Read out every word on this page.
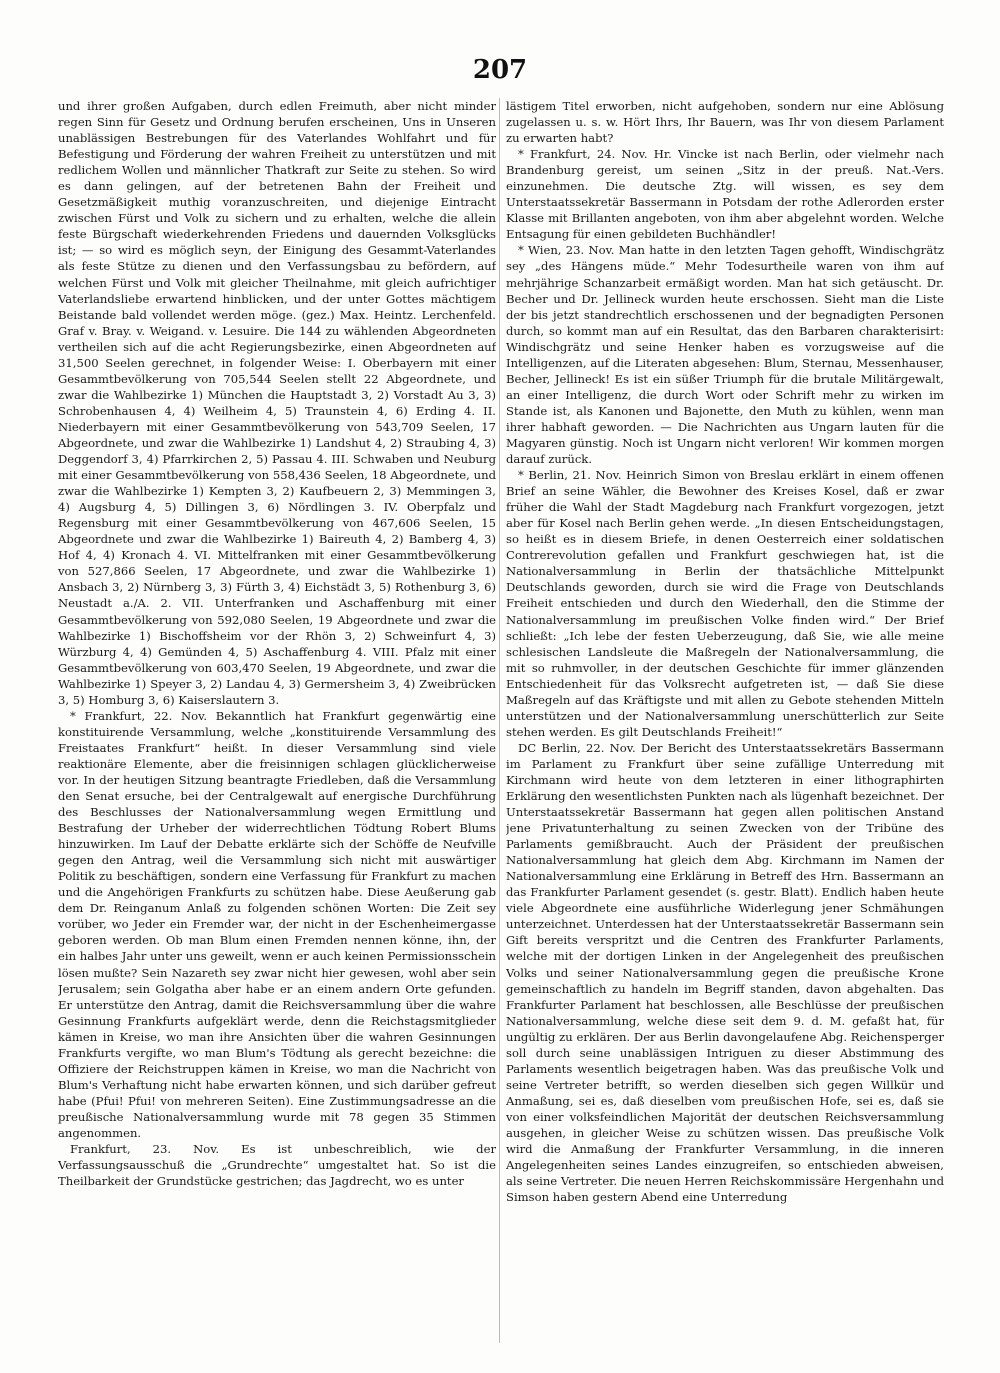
207

und ihrer großen Aufgaben, durch edlen Freimuth, aber nicht minder regen Sinn für Gesetz und Ordnung berufen erscheinen, Uns in Unseren unablässigen Bestrebungen für des Vaterlandes Wohlfahrt und für Befestigung und Förderung der wahren Freiheit zu unterstützen und mit redlichem Wollen und männlicher Thatkraft zur Seite zu stehen. So wird es dann gelingen, auf der betretenen Bahn der Freiheit und Gesetzmäßigkeit muthig voranzuschreiten, und diejenige Eintracht zwischen Fürst und Volk zu sichern und zu erhalten, welche die allein feste Bürgschaft wiederkehrenden Friedens und dauernden Volksglücks ist; — so wird es möglich seyn, der Einigung des Gesammt-Vaterlandes als feste Stütze zu dienen und den Verfassungsbau zu befördern, auf welchen Fürst und Volk mit gleicher Theilnahme, mit gleich aufrichtiger Vaterlandsliebe erwartend hinblicken, und der unter Gottes mächtigem Beistande bald vollendet werden möge. (gez.) Max. Heintz. Lerchenfeld. Graf v. Bray. v. Weigand. v. Lesuire. Die 144 zu wählenden Abgeordneten vertheilen sich auf die acht Regierungsbezirke, einen Abgeordneten auf 31,500 Seelen gerechnet, in folgender Weise: I. Oberbayern mit einer Gesammtbevölkerung von 705,544 Seelen stellt 22 Abgeordnete, und zwar die Wahlbezirke 1) München die Hauptstadt 3, 2) Vorstadt Au 3, 3) Schrobenhausen 4, 4) Weilheim 4, 5) Traunstein 4, 6) Erding 4. II. Niederbayern mit einer Gesammtbevölkerung von 543,709 Seelen, 17 Abgeordnete, und zwar die Wahlbezirke 1) Landshut 4, 2) Straubing 4, 3) Deggendorf 3, 4) Pfarrkirchen 2, 5) Passau 4. III. Schwaben und Neuburg mit einer Gesammtbevölkerung von 558,436 Seelen, 18 Abgeordnete, und zwar die Wahlbezirke 1) Kempten 3, 2) Kaufbeuern 2, 3) Memmingen 3, 4) Augsburg 4, 5) Dillingen 3, 6) Nördlingen 3. IV. Oberpfalz und Regensburg mit einer Gesammtbevölkerung von 467,606 Seelen, 15 Abgeordnete und zwar die Wahlbezirke 1) Baireuth 4, 2) Bamberg 4, 3) Hof 4, 4) Kronach 4. VI. Mittelfranken mit einer Gesammtbevölkerung von 527,866 Seelen, 17 Abgeordnete, und zwar die Wahlbezirke 1) Ansbach 3, 2) Nürnberg 3, 3) Fürth 3, 4) Eichstädt 3, 5) Rothenburg 3, 6) Neustadt a./A. 2. VII. Unterfranken und Aschaffenburg mit einer Gesammtbevölkerung von 592,080 Seelen, 19 Abgeordnete und zwar die Wahlbezirke 1) Bischoffsheim vor der Rhön 3, 2) Schweinfurt 4, 3) Würzburg 4, 4) Gemünden 4, 5) Aschaffenburg 4. VIII. Pfalz mit einer Gesammtbevölkerung von 603,470 Seelen, 19 Abgeordnete, und zwar die Wahlbezirke 1) Speyer 3, 2) Landau 4, 3) Germersheim 3, 4) Zweibrücken 3, 5) Homburg 3, 6) Kaiserslautern 3.

* Frankfurt, 22. Nov. Bekanntlich hat Frankfurt gegenwärtig eine konstituirende Versammlung, welche „konstituirende Versammlung des Freistaates Frankfurt“ heißt. In dieser Versammlung sind viele reaktionäre Elemente, aber die freisinnigen schlagen glücklicherweise vor. In der heutigen Sitzung beantragte Friedleben, daß die Versammlung den Senat ersuche, bei der Centralgewalt auf energische Durchführung des Beschlusses der Nationalversammlung wegen Ermittlung und Bestrafung der Urheber der widerrechtlichen Tödtung Robert Blums hinzuwirken. Im Lauf der Debatte erklärte sich der Schöffe de Neufville gegen den Antrag, weil die Versammlung sich nicht mit auswärtiger Politik zu beschäftigen, sondern eine Verfassung für Frankfurt zu machen und die Angehörigen Frankfurts zu schützen habe. Diese Aeußerung gab dem Dr. Reinganum Anlaß zu folgenden schönen Worten: Die Zeit sey vorüber, wo Jeder ein Fremder war, der nicht in der Eschenheimergasse geboren werden. Ob man Blum einen Fremden nennen könne, ihn, der ein halbes Jahr unter uns geweilt, wenn er auch keinen Permissionsschein lösen mußte? Sein Nazareth sey zwar nicht hier gewesen, wohl aber sein Jerusalem; sein Golgatha aber habe er an einem andern Orte gefunden. Er unterstütze den Antrag, damit die Reichsversammlung über die wahre Gesinnung Frankfurts aufgeklärt werde, denn die Reichstagsmitglieder kämen in Kreise, wo man ihre Ansichten über die wahren Gesinnungen Frankfurts vergifte, wo man Blum's Tödtung als gerecht bezeichne: die Offiziere der Reichstruppen kämen in Kreise, wo man die Nachricht von Blum's Verhaftung nicht habe erwarten können, und sich darüber gefreut habe (Pfui! Pfui! von mehreren Seiten). Eine Zustimmungsadresse an die preußische Nationalversammlung wurde mit 78 gegen 35 Stimmen angenommen.

Frankfurt, 23. Nov. Es ist unbeschreiblich, wie der Verfassungsausschuß die „Grundrechte“ umgestaltet hat. So ist die Theilbarkeit der Grundstücke gestrichen; das Jagdrecht, wo es unter

lästigem Titel erworben, nicht aufgehoben, sondern nur eine Ablösung zugelassen u. s. w. Hört Ihrs, Ihr Bauern, was Ihr von diesem Parlament zu erwarten habt?

* Frankfurt, 24. Nov. Hr. Vincke ist nach Berlin, oder vielmehr nach Brandenburg gereist, um seinen „Sitz in der preuß. Nat.-Vers. einzunehmen. Die deutsche Ztg. will wissen, es sey dem Unterstaatssekretär Bassermann in Potsdam der rothe Adlerorden erster Klasse mit Brillanten angeboten, von ihm aber abgelehnt worden. Welche Entsagung für einen gebildeten Buchhändler!

* Wien, 23. Nov. Man hatte in den letzten Tagen gehofft, Windischgrätz sey „des Hängens müde.“ Mehr Todesurtheile waren von ihm auf mehrjährige Schanzarbeit ermäßigt worden. Man hat sich getäuscht. Dr. Becher und Dr. Jellineck wurden heute erschossen. Sieht man die Liste der bis jetzt standrechtlich erschossenen und der begnadigten Personen durch, so kommt man auf ein Resultat, das den Barbaren charakterisirt: Windischgrätz und seine Henker haben es vorzugsweise auf die Intelligenzen, auf die Literaten abgesehen: Blum, Sternau, Messenhauser, Becher, Jellineck! Es ist ein süßer Triumph für die brutale Militärgewalt, an einer Intelligenz, die durch Wort oder Schrift mehr zu wirken im Stande ist, als Kanonen und Bajonette, den Muth zu kühlen, wenn man ihrer habhaft geworden. — Die Nachrichten aus Ungarn lauten für die Magyaren günstig. Noch ist Ungarn nicht verloren! Wir kommen morgen darauf zurück.

* Berlin, 21. Nov. Heinrich Simon von Breslau erklärt in einem offenen Brief an seine Wähler, die Bewohner des Kreises Kosel, daß er zwar früher die Wahl der Stadt Magdeburg nach Frankfurt vorgezogen, jetzt aber für Kosel nach Berlin gehen werde. „In diesen Entscheidungstagen, so heißt es in diesem Briefe, in denen Oesterreich einer soldatischen Contrerevolution gefallen und Frankfurt geschwiegen hat, ist die Nationalversammlung in Berlin der thatsächliche Mittelpunkt Deutschlands geworden, durch sie wird die Frage von Deutschlands Freiheit entschieden und durch den Wiederhall, den die Stimme der Nationalversammlung im preußischen Volke finden wird.“ Der Brief schließt: „Ich lebe der festen Ueberzeugung, daß Sie, wie alle meine schlesischen Landsleute die Maßregeln der Nationalversammlung, die mit so ruhmvoller, in der deutschen Geschichte für immer glänzenden Entschiedenheit für das Volksrecht aufgetreten ist, — daß Sie diese Maßregeln auf das Kräftigste und mit allen zu Gebote stehenden Mitteln unterstützen und der Nationalversammlung unerschütterlich zur Seite stehen werden. Es gilt Deutschlands Freiheit!“

DC Berlin, 22. Nov. Der Bericht des Unterstaatssekretärs Bassermann im Parlament zu Frankfurt über seine zufällige Unterredung mit Kirchmann wird heute von dem letzteren in einer lithographirten Erklärung den wesentlichsten Punkten nach als lügenhaft bezeichnet. Der Unterstaatssekretär Bassermann hat gegen allen politischen Anstand jene Privatunterhaltung zu seinen Zwecken von der Tribüne des Parlaments gemißbraucht. Auch der Präsident der preußischen Nationalversammlung hat gleich dem Abg. Kirchmann im Namen der Nationalversammlung eine Erklärung in Betreff des Hrn. Bassermann an das Frankfurter Parlament gesendet (s. gestr. Blatt). Endlich haben heute viele Abgeordnete eine ausführliche Widerlegung jener Schmähungen unterzeichnet. Unterdessen hat der Unterstaatssekretär Bassermann sein Gift bereits verspritzt und die Centren des Frankfurter Parlaments, welche mit der dortigen Linken in der Angelegenheit des preußischen Volks und seiner Nationalversammlung gegen die preußische Krone gemeinschaftlich zu handeln im Begriff standen, davon abgehalten. Das Frankfurter Parlament hat beschlossen, alle Beschlüsse der preußischen Nationalversammlung, welche diese seit dem 9. d. M. gefaßt hat, für ungültig zu erklären. Der aus Berlin davongelaufene Abg. Reichensperger soll durch seine unablässigen Intriguen zu dieser Abstimmung des Parlaments wesentlich beigetragen haben. Was das preußische Volk und seine Vertreter betrifft, so werden dieselben sich gegen Willkür und Anmaßung, sei es, daß dieselben vom preußischen Hofe, sei es, daß sie von einer volksfeindlichen Majorität der deutschen Reichsversammlung ausgehen, in gleicher Weise zu schützen wissen. Das preußische Volk wird die Anmaßung der Frankfurter Versammlung, in die inneren Angelegenheiten seines Landes einzugreifen, so entschieden abweisen, als seine Vertreter. Die neuen Herren Reichskommissäre Hergenhahn und Simson haben gestern Abend eine Unterredung
